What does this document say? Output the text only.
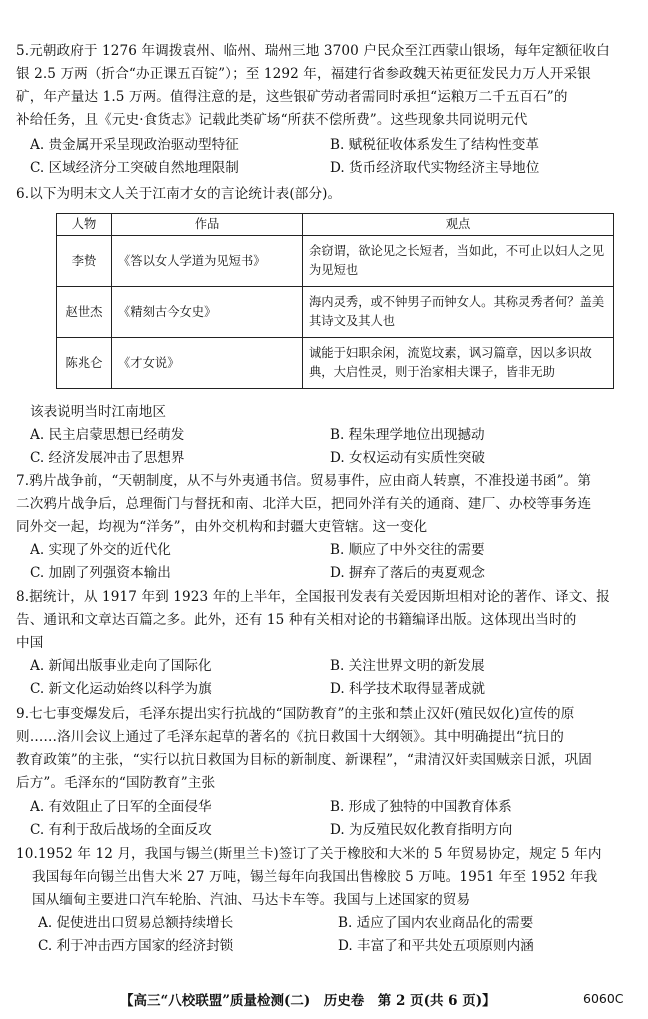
5.元朝政府于 1276 年调拨袁州、临州、瑞州三地 3700 户民众至江西蒙山银场，每年定额征收白
银 2.5 万两（折合“办正课五百锭”）；至 1292 年，福建行省参政魏天祐更征发民力万人开采银
矿，年产量达 1.5 万两。值得注意的是，这些银矿劳动者需同时承担“运粮万二千五百石”的
补给任务，且《元史·食货志》记载此类矿场“所获不偿所费”。这些现象共同说明元代
A. 贵金属开采呈现政治驱动型特征	B. 赋税征收体系发生了结构性变革
C. 区域经济分工突破自然地理限制	D. 货币经济取代实物经济主导地位
6.以下为明末文人关于江南才女的言论统计表(部分)。
人物	作品	观点
李贽	《答以女人学道为见短书》	余窃谓，欲论见之长短者，当如此，不可止以妇人之见为见短也
赵世杰	《精刻古今女史》	海内灵秀，或不钟男子而钟女人。其称灵秀者何？盖美其诗文及其人也
陈兆仑	《才女说》	诚能于妇职余闲，流览坟素，讽习篇章，因以多识故典，大启性灵，则于治家相夫课子，皆非无助
该表说明当时江南地区
A. 民主启蒙思想已经萌发	B. 程朱理学地位出现撼动
C. 经济发展冲击了思想界	D. 女权运动有实质性突破
7.鸦片战争前，“天朝制度，从不与外夷通书信。贸易事件，应由商人转禀，不准投递书函”。第
二次鸦片战争后，总理衙门与督抚和南、北洋大臣，把同外洋有关的通商、建厂、办校等事务连
同外交一起，均视为“洋务”，由外交机构和封疆大吏管辖。这一变化
A. 实现了外交的近代化	B. 顺应了中外交往的需要
C. 加剧了列强资本输出	D. 摒弃了落后的夷夏观念
8.据统计，从 1917 年到 1923 年的上半年，全国报刊发表有关爱因斯坦相对论的著作、译文、报
告、通讯和文章达百篇之多。此外，还有 15 种有关相对论的书籍编译出版。这体现出当时的
中国
A. 新闻出版事业走向了国际化	B. 关注世界文明的新发展
C. 新文化运动始终以科学为旗	D. 科学技术取得显著成就
9.七七事变爆发后，毛泽东提出实行抗战的“国防教育”的主张和禁止汉奸(殖民奴化)宣传的原
则……洛川会议上通过了毛泽东起草的著名的《抗日救国十大纲领》。其中明确提出“抗日的
教育政策”的主张，“实行以抗日救国为目标的新制度、新课程”，“肃清汉奸卖国贼亲日派，巩固
后方”。毛泽东的“国防教育”主张
A. 有效阻止了日军的全面侵华	B. 形成了独特的中国教育体系
C. 有利于敌后战场的全面反攻	D. 为反殖民奴化教育指明方向
10.1952 年 12 月，我国与锡兰(斯里兰卡)签订了关于橡胶和大米的 5 年贸易协定，规定 5 年内
我国每年向锡兰出售大米 27 万吨，锡兰每年向我国出售橡胶 5 万吨。1951 年至 1952 年我
国从缅甸主要进口汽车轮胎、汽油、马达卡车等。我国与上述国家的贸易
A. 促使进出口贸易总额持续增长	B. 适应了国内农业商品化的需要
C. 利于冲击西方国家的经济封锁	D. 丰富了和平共处五项原则内涵
【高三“八校联盟”质量检测(二)　历史卷　第 2 页(共 6 页)】	6060C
